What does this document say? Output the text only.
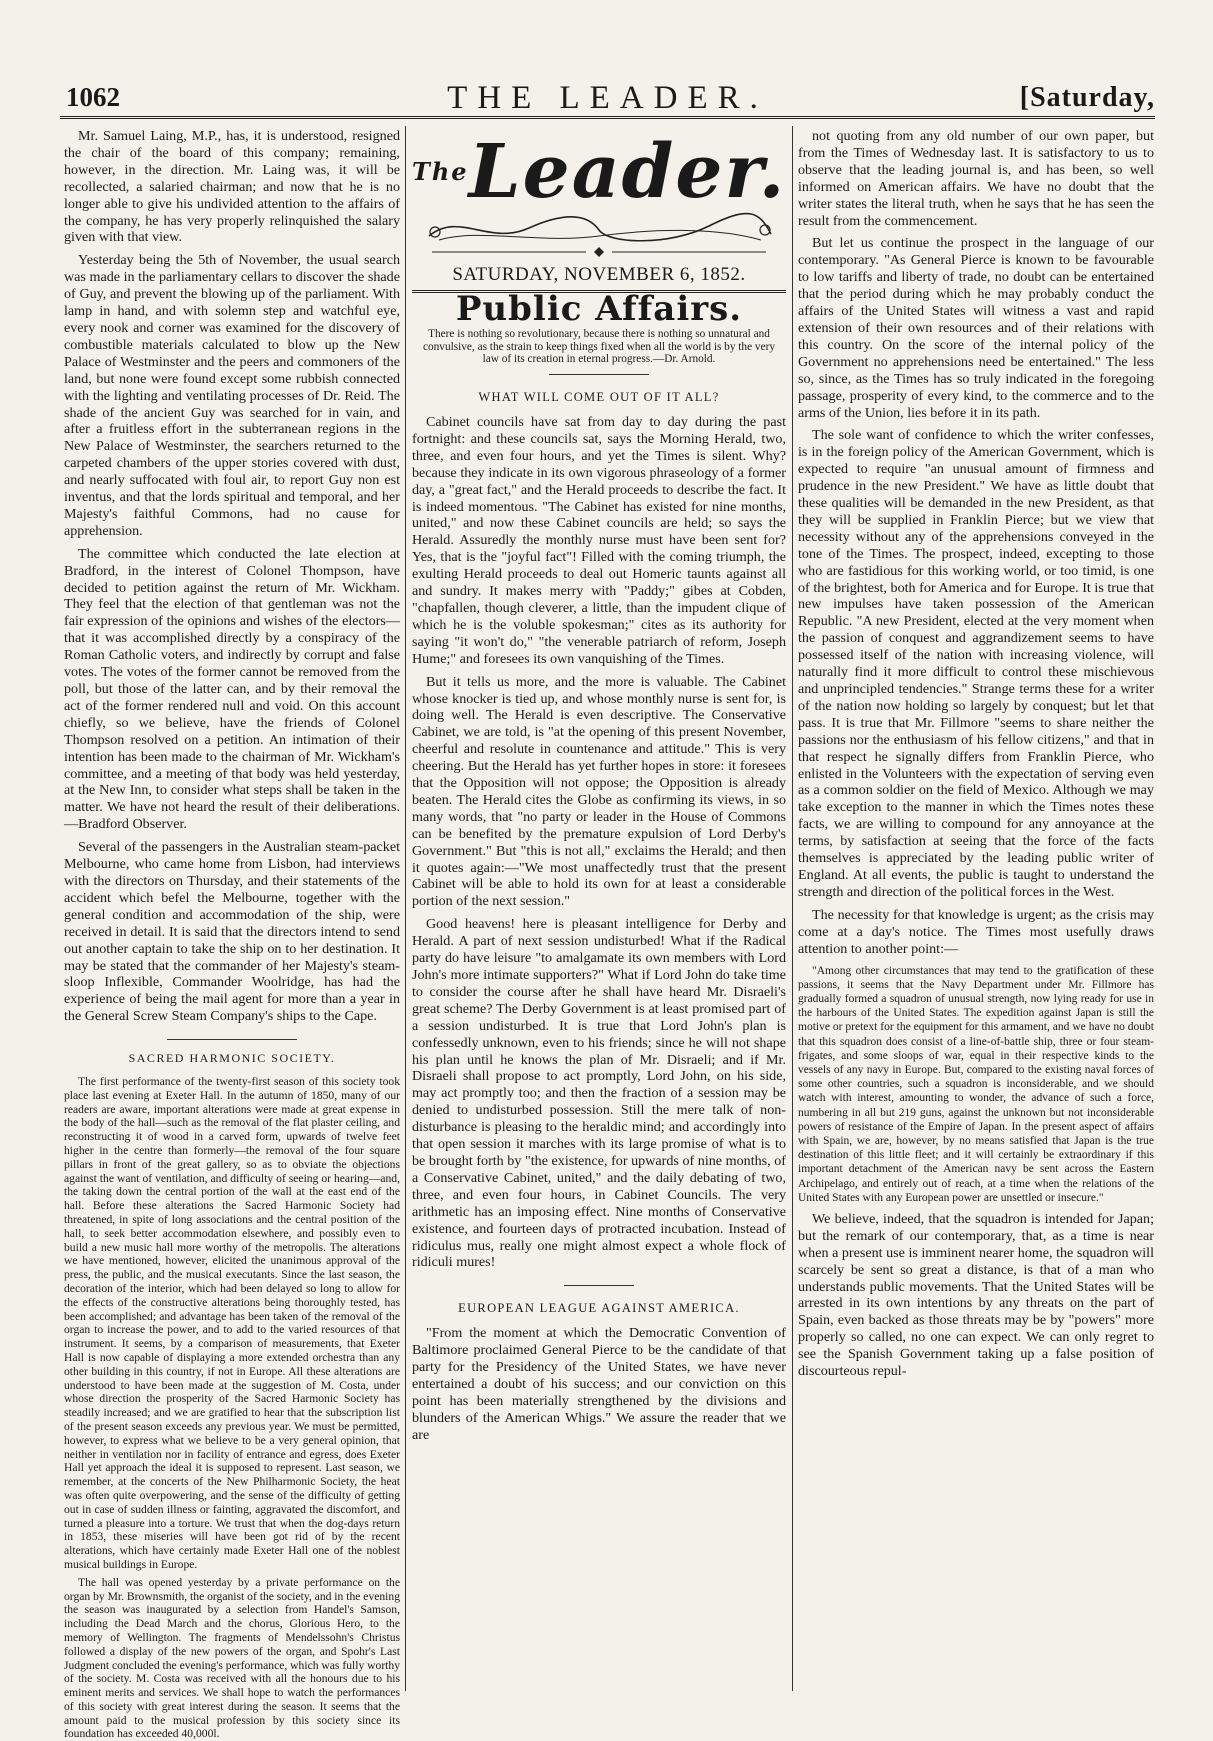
1062	THE LEADER.	[Saturday,

Mr. Samuel Laing, M.P., has, it is understood, resigned the chair of the board of this company; remaining, however, in the direction. Mr. Laing was, it will be recollected, a salaried chairman; and now that he is no longer able to give his undivided attention to the affairs of the company, he has very properly relinquished the salary given with that view.

Yesterday being the 5th of November, the usual search was made in the parliamentary cellars to discover the shade of Guy, and prevent the blowing up of the parliament. With lamp in hand, and with solemn step and watchful eye, every nook and corner was examined for the discovery of combustible materials calculated to blow up the New Palace of Westminster and the peers and commoners of the land, but none were found except some rubbish connected with the lighting and ventilating processes of Dr. Reid. The shade of the ancient Guy was searched for in vain, and after a fruitless effort in the subterranean regions in the New Palace of Westminster, the searchers returned to the carpeted chambers of the upper stories covered with dust, and nearly suffocated with foul air, to report Guy non est inventus, and that the lords spiritual and temporal, and her Majesty's faithful Commons, had no cause for apprehension.

The committee which conducted the late election at Bradford, in the interest of Colonel Thompson, have decided to petition against the return of Mr. Wickham. They feel that the election of that gentleman was not the fair expression of the opinions and wishes of the electors—that it was accomplished directly by a conspiracy of the Roman Catholic voters, and indirectly by corrupt and false votes. The votes of the former cannot be removed from the poll, but those of the latter can, and by their removal the act of the former rendered null and void. On this account chiefly, so we believe, have the friends of Colonel Thompson resolved on a petition. An intimation of their intention has been made to the chairman of Mr. Wickham's committee, and a meeting of that body was held yesterday, at the New Inn, to consider what steps shall be taken in the matter. We have not heard the result of their deliberations.—Bradford Observer.

Several of the passengers in the Australian steam-packet Melbourne, who came home from Lisbon, had interviews with the directors on Thursday, and their statements of the accident which befel the Melbourne, together with the general condition and accommodation of the ship, were received in detail. It is said that the directors intend to send out another captain to take the ship on to her destination. It may be stated that the commander of her Majesty's steam-sloop Inflexible, Commander Woolridge, has had the experience of being the mail agent for more than a year in the General Screw Steam Company's ships to the Cape.

SACRED HARMONIC SOCIETY.

The first performance of the twenty-first season of this society took place last evening at Exeter Hall. In the autumn of 1850, many of our readers are aware, important alterations were made at great expense in the body of the hall—such as the removal of the flat plaster ceiling, and reconstructing it of wood in a carved form, upwards of twelve feet higher in the centre than formerly—the removal of the four square pillars in front of the great gallery, so as to obviate the objections against the want of ventilation, and difficulty of seeing or hearing—and, the taking down the central portion of the wall at the east end of the hall. Before these alterations the Sacred Harmonic Society had threatened, in spite of long associations and the central position of the hall, to seek better accommodation elsewhere, and possibly even to build a new music hall more worthy of the metropolis. The alterations we have mentioned, however, elicited the unanimous approval of the press, the public, and the musical executants. Since the last season, the decoration of the interior, which had been delayed so long to allow for the effects of the constructive alterations being thoroughly tested, has been accomplished; and advantage has been taken of the removal of the organ to increase the power, and to add to the varied resources of that instrument. It seems, by a comparison of measurements, that Exeter Hall is now capable of displaying a more extended orchestra than any other building in this country, if not in Europe. All these alterations are understood to have been made at the suggestion of M. Costa, under whose direction the prosperity of the Sacred Harmonic Society has steadily increased; and we are gratified to hear that the subscription list of the present season exceeds any previous year. We must be permitted, however, to express what we believe to be a very general opinion, that neither in ventilation nor in facility of entrance and egress, does Exeter Hall yet approach the ideal it is supposed to represent. Last season, we remember, at the concerts of the New Philharmonic Society, the heat was often quite overpowering, and the sense of the difficulty of getting out in case of sudden illness or fainting, aggravated the discomfort, and turned a pleasure into a torture. We trust that when the dog-days return in 1853, these miseries will have been got rid of by the recent alterations, which have certainly made Exeter Hall one of the noblest musical buildings in Europe.

The hall was opened yesterday by a private performance on the organ by Mr. Brownsmith, the organist of the society, and in the evening the season was inaugurated by a selection from Handel's Samson, including the Dead March and the chorus, Glorious Hero, to the memory of Wellington. The fragments of Mendelssohn's Christus followed a display of the new powers of the organ, and Spohr's Last Judgment concluded the evening's performance, which was fully worthy of the society. M. Costa was received with all the honours due to his eminent merits and services. We shall hope to watch the performances of this society with great interest during the season. It seems that the amount paid to the musical profession by this society since its foundation has exceeded 40,000l.

$^{The}$Leader.
SATURDAY, NOVEMBER 6, 1852.
Public Affairs.
There is nothing so revolutionary, because there is nothing so unnatural and convulsive, as the strain to keep things fixed when all the world is by the very law of its creation in eternal progress.—Dr. Arnold.
WHAT WILL COME OUT OF IT ALL?

Cabinet councils have sat from day to day during the past fortnight: and these councils sat, says the Morning Herald, two, three, and even four hours, and yet the Times is silent. Why? because they indicate in its own vigorous phraseology of a former day, a "great fact," and the Herald proceeds to describe the fact. It is indeed momentous. "The Cabinet has existed for nine months, united," and now these Cabinet councils are held; so says the Herald. Assuredly the monthly nurse must have been sent for? Yes, that is the "joyful fact"! Filled with the coming triumph, the exulting Herald proceeds to deal out Homeric taunts against all and sundry. It makes merry with "Paddy;" gibes at Cobden, "chapfallen, though cleverer, a little, than the impudent clique of which he is the voluble spokesman;" cites as its authority for saying "it won't do," "the venerable patriarch of reform, Joseph Hume;" and foresees its own vanquishing of the Times.

But it tells us more, and the more is valuable. The Cabinet whose knocker is tied up, and whose monthly nurse is sent for, is doing well. The Herald is even descriptive. The Conservative Cabinet, we are told, is "at the opening of this present November, cheerful and resolute in countenance and attitude." This is very cheering. But the Herald has yet further hopes in store: it foresees that the Opposition will not oppose; the Opposition is already beaten. The Herald cites the Globe as confirming its views, in so many words, that "no party or leader in the House of Commons can be benefited by the premature expulsion of Lord Derby's Government." But "this is not all," exclaims the Herald; and then it quotes again:—"We most unaffectedly trust that the present Cabinet will be able to hold its own for at least a considerable portion of the next session."

Good heavens! here is pleasant intelligence for Derby and Herald. A part of next session undisturbed! What if the Radical party do have leisure "to amalgamate its own members with Lord John's more intimate supporters?" What if Lord John do take time to consider the course after he shall have heard Mr. Disraeli's great scheme? The Derby Government is at least promised part of a session undisturbed. It is true that Lord John's plan is confessedly unknown, even to his friends; since he will not shape his plan until he knows the plan of Mr. Disraeli; and if Mr. Disraeli shall propose to act promptly, Lord John, on his side, may act promptly too; and then the fraction of a session may be denied to undisturbed possession. Still the mere talk of non-disturbance is pleasing to the heraldic mind; and accordingly into that open session it marches with its large promise of what is to be brought forth by "the existence, for upwards of nine months, of a Conservative Cabinet, united," and the daily debating of two, three, and even four hours, in Cabinet Councils. The very arithmetic has an imposing effect. Nine months of Conservative existence, and fourteen days of protracted incubation. Instead of ridiculus mus, really one might almost expect a whole flock of ridiculi mures!

EUROPEAN LEAGUE AGAINST AMERICA.

"From the moment at which the Democratic Convention of Baltimore proclaimed General Pierce to be the candidate of that party for the Presidency of the United States, we have never entertained a doubt of his success; and our conviction on this point has been materially strengthened by the divisions and blunders of the American Whigs." We assure the reader that we are

not quoting from any old number of our own paper, but from the Times of Wednesday last. It is satisfactory to us to observe that the leading journal is, and has been, so well informed on American affairs. We have no doubt that the writer states the literal truth, when he says that he has seen the result from the commencement.

But let us continue the prospect in the language of our contemporary. "As General Pierce is known to be favourable to low tariffs and liberty of trade, no doubt can be entertained that the period during which he may probably conduct the affairs of the United States will witness a vast and rapid extension of their own resources and of their relations with this country. On the score of the internal policy of the Government no apprehensions need be entertained." The less so, since, as the Times has so truly indicated in the foregoing passage, prosperity of every kind, to the commerce and to the arms of the Union, lies before it in its path.

The sole want of confidence to which the writer confesses, is in the foreign policy of the American Government, which is expected to require "an unusual amount of firmness and prudence in the new President." We have as little doubt that these qualities will be demanded in the new President, as that they will be supplied in Franklin Pierce; but we view that necessity without any of the apprehensions conveyed in the tone of the Times. The prospect, indeed, excepting to those who are fastidious for this working world, or too timid, is one of the brightest, both for America and for Europe. It is true that new impulses have taken possession of the American Republic. "A new President, elected at the very moment when the passion of conquest and aggrandizement seems to have possessed itself of the nation with increasing violence, will naturally find it more difficult to control these mischievous and unprincipled tendencies." Strange terms these for a writer of the nation now holding so largely by conquest; but let that pass. It is true that Mr. Fillmore "seems to share neither the passions nor the enthusiasm of his fellow citizens," and that in that respect he signally differs from Franklin Pierce, who enlisted in the Volunteers with the expectation of serving even as a common soldier on the field of Mexico. Although we may take exception to the manner in which the Times notes these facts, we are willing to compound for any annoyance at the terms, by satisfaction at seeing that the force of the facts themselves is appreciated by the leading public writer of England. At all events, the public is taught to understand the strength and direction of the political forces in the West.

The necessity for that knowledge is urgent; as the crisis may come at a day's notice. The Times most usefully draws attention to another point:—

"Among other circumstances that may tend to the gratification of these passions, it seems that the Navy Department under Mr. Fillmore has gradually formed a squadron of unusual strength, now lying ready for use in the harbours of the United States. The expedition against Japan is still the motive or pretext for the equipment for this armament, and we have no doubt that this squadron does consist of a line-of-battle ship, three or four steam-frigates, and some sloops of war, equal in their respective kinds to the vessels of any navy in Europe. But, compared to the existing naval forces of some other countries, such a squadron is inconsiderable, and we should watch with interest, amounting to wonder, the advance of such a force, numbering in all but 219 guns, against the unknown but not inconsiderable powers of resistance of the Empire of Japan. In the present aspect of affairs with Spain, we are, however, by no means satisfied that Japan is the true destination of this little fleet; and it will certainly be extraordinary if this important detachment of the American navy be sent across the Eastern Archipelago, and entirely out of reach, at a time when the relations of the United States with any European power are unsettled or insecure."

We believe, indeed, that the squadron is intended for Japan; but the remark of our contemporary, that, as a time is near when a present use is imminent nearer home, the squadron will scarcely be sent so great a distance, is that of a man who understands public movements. That the United States will be arrested in its own intentions by any threats on the part of Spain, even backed as those threats may be by "powers" more properly so called, no one can expect. We can only regret to see the Spanish Government taking up a false position of discourteous repul-
